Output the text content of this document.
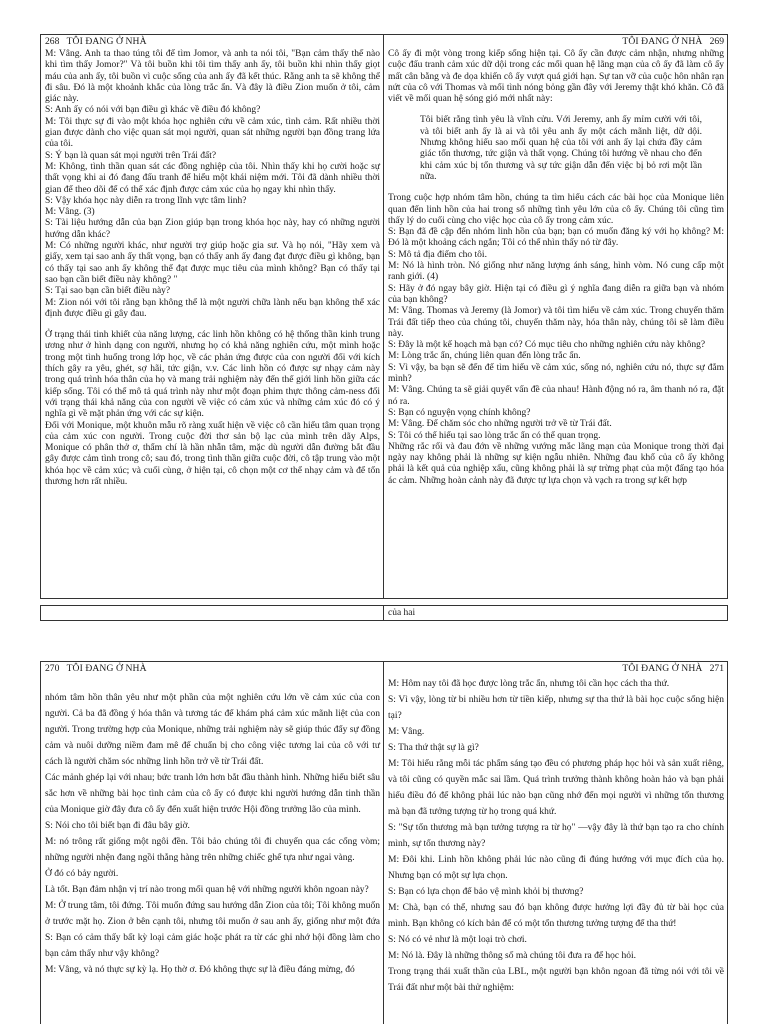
268 TÔI ĐANG Ở NHÀ

M: Vâng. Anh ta thao túng tôi để tìm Jomor, và anh ta nói tôi, "Bạn cảm thấy thế nào khi tìm thấy Jomor?" Và tôi buồn khi tôi tìm thấy anh ấy, tôi buồn khi nhìn thấy giọt máu của anh ấy, tôi buồn vì cuộc sống của anh ấy đã kết thúc. Rằng anh ta sẽ không thể đi sâu. Đó là một khoảnh khắc của lòng trắc ẩn. Và đây là điều Zion muốn ở tôi, cảm giác này.

S: Anh ấy có nói với bạn điều gì khác về điều đó không?

M: Tôi thực sự đi vào một khóa học nghiên cứu về cảm xúc, tình cảm. Rất nhiều thời gian được dành cho việc quan sát mọi người, quan sát những người bạn đồng trang lứa của tôi.

S: Ý bạn là quan sát mọi người trên Trái đất?

M: Không, tình thần quan sát các đồng nghiệp của tôi. Nhìn thấy khi họ cười hoặc sự thất vọng khi ai đó đang đấu tranh để hiểu một khái niệm mới. Tôi đã dành nhiều thời gian để theo dõi để có thể xác định được cảm xúc của họ ngay khi nhìn thấy.

S: Vậy khóa học này diễn ra trong lĩnh vực tâm linh?

M: Vâng. (3)

S: Tài liệu hướng dẫn của bạn Zion giúp bạn trong khóa học này, hay có những người hướng dẫn khác?

M: Có những người khác, như người trợ giúp hoặc gia sư. Và họ nói, "Hãy xem và giấy, xem tại sao anh ấy thất vọng, bạn có thấy anh ấy đang đạt được điều gì không, bạn có thấy tại sao anh ấy không thể đạt được mục tiêu của mình không? Bạn có thấy tại sao bạn cần biết điều này không? "

S: Tại sao bạn cần biết điều này?

M: Zion nói với tôi rằng bạn không thể là một người chữa lành nếu bạn không thể xác định được điều gì gây đau.

Ở trạng thái tinh khiết của năng lượng, các linh hồn không có hệ thống thần kinh trung ương như ở hình dạng con người, nhưng họ có khả năng nghiên cứu, một mình hoặc trong một tình huống trong lớp học, về các phản ứng được của con người đối với kích thích gây ra yêu, ghét, sợ hãi, tức giận, v.v. Các linh hồn có được sự nhạy cảm này trong quá trình hóa thân của họ và mang trải nghiệm này đến thế giới linh hồn giữa các kiếp sống. Tôi có thể mô tả quá trình này như một đoạn phim thực thông cảm-ness đối với trạng thái khả năng của con người về việc có cảm xúc và những cảm xúc đó có ý nghĩa gì về mặt phản ứng với các sự kiện.

Đối với Monique, một khuôn mẫu rõ ràng xuất hiện về việc cô cần hiểu tâm quan trọng của cảm xúc con người. Trong cuộc đời thơ sản bộ lạc của mình trên dãy Alps, Monique có phân thở ơ, thẩm chí là hần nhẫn tâm, mặc dù người dẫn đường bắt đầu gây được cảm tình trong cô; sau đó, trong tình thần giữa cuộc đời, cô tập trung vào một khóa học về cảm xúc; và cuối cùng, ở hiện tại, cô chọn một cơ thể nhạy cảm và để tổn thương hơn rất nhiều.

TÔI ĐANG Ở NHÀ 269

Cô ấy đi một vòng trong kiếp sống hiện tại. Cô ấy cần được cảm nhận, nhưng những cuộc đấu tranh cảm xúc dữ dội trong các mối quan hệ lãng mạn của cô ấy đã làm cô ấy mất cân bằng và đe dọa khiến cô ấy vượt quá giới hạn. Sự tan vỡ của cuộc hôn nhân rạn nứt của cô với Thomas và mối tình nóng bỏng gần đây với Jeremy thật khó khăn. Cô đã viết về mối quan hệ sóng gió mới nhất này:

Tôi biết rằng tình yêu là vĩnh cửu. Với Jeremy, anh ấy mỉm cười với tôi, và tôi biết anh ấy là ai và tôi yêu anh ấy một cách mãnh liệt, dữ dội. Nhưng không hiểu sao mối quan hệ của tôi với anh ấy lại chứa đầy cảm giác tổn thương, tức giận và thất vọng. Chúng tôi hướng về nhau cho đến khi cảm xúc bị tổn thương và sự tức giận dẫn đến việc bị bỏ rơi một lần nữa.

Trong cuộc hợp nhóm tâm hồn, chúng ta tìm hiểu cách các bài học của Monique liên quan đến linh hồn của hai trong số những tình yêu lớn của cô ấy. Chúng tôi cũng tìm thấy lý do cuối cùng cho việc học của cô ấy trong cảm xúc.

S: Bạn đã đề cập đến nhóm linh hồn của bạn; bạn có muốn đăng ký với họ không? M: Đó là một khoảng cách ngắn; Tôi có thể nhìn thấy nó từ đây.

S: Mô tả địa điểm cho tôi.

M: Nó là hình tròn. Nó giống như năng lượng ánh sáng, hình vòm. Nó cung cấp một ranh giới. (4)

S: Hãy ở đó ngay bây giờ. Hiện tại có điều gì ý nghĩa đang diễn ra giữa bạn và nhóm của bạn không?

M: Vâng. Thomas và Jeremy (là Jomor) và tôi tìm hiểu về cảm xúc. Trong chuyến thăm Trái đất tiếp theo của chúng tôi, chuyến thăm này, hóa thân này, chúng tôi sẽ làm điều này.

S: Đây là một kế hoạch mà bạn có? Có mục tiêu cho những nghiên cứu này không?

M: Lòng trắc ẩn, chúng liên quan đến lòng trắc ẩn.

S: Vì vậy, ba bạn sẽ đến để tìm hiểu về cảm xúc, sống nó, nghiên cứu nó, thực sự đắm mình?

M: Vâng. Chúng ta sẽ giải quyết vấn đề của nhau! Hành động nó ra, âm thanh nó ra, đặt nó ra.

S: Bạn có nguyện vọng chính không?

M: Vâng. Để chăm sóc cho những người trở về từ Trái đất.

S: Tôi có thể hiểu tại sao lòng trắc ẩn có thể quan trọng.

Những rắc rối và đau đớn về những vướng mắc lãng mạn của Monique trong thời đại ngày nay không phải là những sự kiện ngẫu nhiên. Những đau khổ của cô ấy không phải là kết quả của nghiệp xấu, cũng không phải là sự trừng phạt của một đấng tạo hóa ác cảm. Những hoàn cảnh này đã được tự lựa chọn và vạch ra trong sự kết hợp

của hai
270 TÔI ĐANG Ở NHÀ

nhóm tâm hồn thân yêu như một phần của một nghiên cứu lớn về cảm xúc của con người. Cả ba đã đồng ý hóa thân và tương tác để khám phá cảm xúc mãnh liệt của con người. Trong trường hợp của Monique, những trải nghiệm này sẽ giúp thúc đẩy sự đồng cảm và nuôi dưỡng niềm đam mê để chuẩn bị cho công việc tương lai của cô với tư cách là người chăm sóc những linh hồn trở về từ Trái đất.

Các mảnh ghép lại với nhau; bức tranh lớn hơn bắt đầu thành hình. Những hiểu biết sâu sắc hơn về những bài học tình cảm của cô ấy có được khi người hướng dẫn tinh thần của Monique giờ đây đưa cô ấy đến xuất hiện trước Hội đồng trưởng lão của mình.

S: Nói cho tôi biết bạn đi đâu bây giờ.

M: nó trông rất giống một ngôi đền. Tôi bảo chúng tôi đi chuyển qua các cổng vòm; những người nhện đang ngồi thẳng hàng trên những chiếc ghế tựa như ngai vàng.

Ở đó có bảy người.

Là tốt. Bạn đảm nhận vị trí nào trong mối quan hệ với những người khôn ngoan này?

M: Ở trung tâm, tôi đứng. Tôi muốn đứng sau hướng dẫn Zion của tôi; Tôi không muốn ở trước mặt họ. Zion ở bên cạnh tôi, nhưng tôi muốn ở sau anh ấy, giống như một đứa S: Bạn có cảm thấy bất kỳ loại cảm giác hoặc phát ra từ các ghi nhớ hội đồng làm cho bạn cảm thấy như vậy không?

M: Vâng, và nó thực sự kỳ lạ. Họ thờ ơ. Đó không thực sự là điều đáng mừng, đó

TÔI ĐANG Ở NHÀ 271

M: Hôm nay tôi đã học được lòng trắc ẩn, nhưng tôi cần học cách tha thứ.

S: Vì vậy, lòng từ bi nhiều hơn từ tiền kiếp, nhưng sự tha thứ là bài học cuộc sống hiện tại?

M: Vâng.

S: Tha thứ thật sự là gì?

M: Tôi hiểu rằng mỗi tác phẩm sáng tạo đều có phương pháp học hỏi và sản xuất riêng, và tôi cũng có quyền mắc sai lầm. Quá trình trưởng thành không hoàn hảo và bạn phải hiểu điều đó để không phải lúc nào bạn cũng nhớ đến mọi người vì những tổn thương mà bạn đã tưởng tượng từ họ trong quá khứ.

S: "Sự tổn thương mà bạn tưởng tượng ra từ họ" —vậy đây là thứ bạn tạo ra cho chính mình, sự tổn thương này?

M: Đôi khi. Linh hồn không phải lúc nào cũng đi đúng hướng với mục đích của họ. Nhưng bạn có một sự lựa chọn.

S: Bạn có lựa chọn để bảo vệ mình khỏi bị thương?

M: Chà, bạn có thể, nhưng sau đó bạn không được hưởng lợi đầy đủ từ bài học của mình. Bạn không có kích bản để có một tổn thương tưởng tượng để tha thứ!

S: Nó có vẻ như là một loại trò chơi.

M: Nó là. Đây là những thông số mà chúng tôi đưa ra để học hỏi.

Trong trạng thái xuất thần của LBL, một người bạn khôn ngoan đã từng nói với tôi về Trái đất như một bài thử nghiệm:
